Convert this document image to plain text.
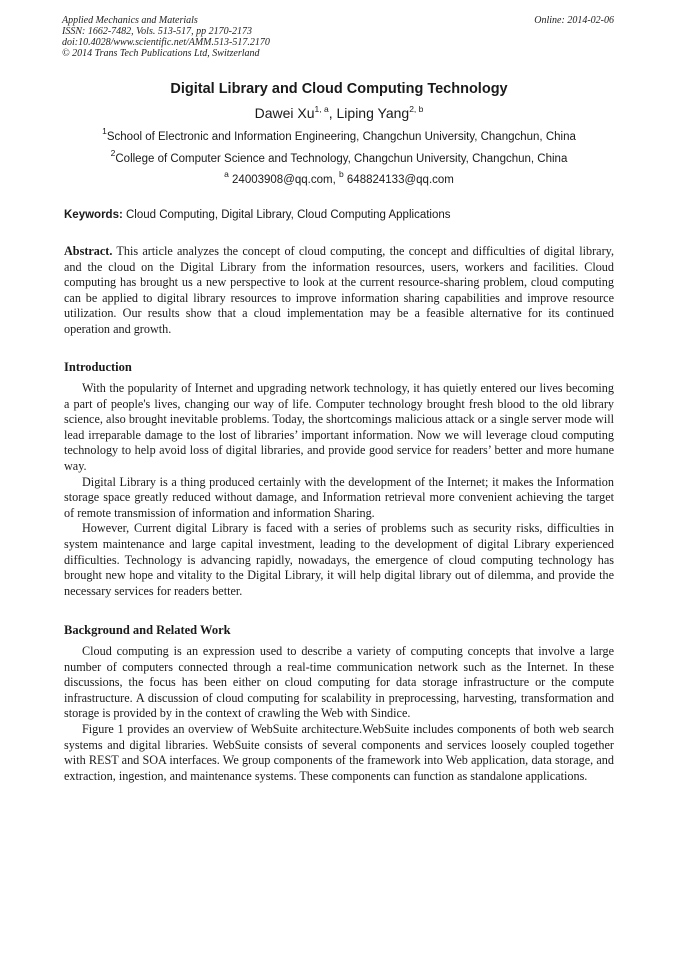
Applied Mechanics and Materials
ISSN: 1662-7482, Vols. 513-517, pp 2170-2173
doi:10.4028/www.scientific.net/AMM.513-517.2170
© 2014 Trans Tech Publications Ltd, Switzerland
Online: 2014-02-06
Digital Library and Cloud Computing Technology
Dawei Xu$^{1, a}$, Liping Yang$^{2, b}$
$^1$School of Electronic and Information Engineering, Changchun University, Changchun, China
$^2$College of Computer Science and Technology, Changchun University, Changchun, China
$^a$ 24003908@qq.com, $^b$ 648824133@qq.com
Keywords: Cloud Computing, Digital Library, Cloud Computing Applications

Abstract. This article analyzes the concept of cloud computing, the concept and difficulties of digital library, and the cloud on the Digital Library from the information resources, users, workers and facilities. Cloud computing has brought us a new perspective to look at the current resource-sharing problem, cloud computing can be applied to digital library resources to improve information sharing capabilities and improve resource utilization. Our results show that a cloud implementation may be a feasible alternative for its continued operation and growth.

Introduction

With the popularity of Internet and upgrading network technology, it has quietly entered our lives becoming a part of people's lives, changing our way of life. Computer technology brought fresh blood to the old library science, also brought inevitable problems. Today, the shortcomings malicious attack or a single server mode will lead irreparable damage to the lost of libraries’ important information. Now we will leverage cloud computing technology to help avoid loss of digital libraries, and provide good service for readers’ better and more humane way.

Digital Library is a thing produced certainly with the development of the Internet; it makes the Information storage space greatly reduced without damage, and Information retrieval more convenient achieving the target of remote transmission of information and information Sharing.

However, Current digital Library is faced with a series of problems such as security risks, difficulties in system maintenance and large capital investment, leading to the development of digital Library experienced difficulties. Technology is advancing rapidly, nowadays, the emergence of cloud computing technology has brought new hope and vitality to the Digital Library, it will help digital library out of dilemma, and provide the necessary services for readers better.

Background and Related Work

Cloud computing is an expression used to describe a variety of computing concepts that involve a large number of computers connected through a real-time communication network such as the Internet. In these discussions, the focus has been either on cloud computing for data storage infrastructure or the compute infrastructure. A discussion of cloud computing for scalability in preprocessing, harvesting, transformation and storage is provided by in the context of crawling the Web with Sindice.

Figure 1 provides an overview of WebSuite architecture.WebSuite includes components of both web search systems and digital libraries. WebSuite consists of several components and services loosely coupled together with REST and SOA interfaces. We group components of the framework into Web application, data storage, and extraction, ingestion, and maintenance systems. These components can function as standalone applications.
